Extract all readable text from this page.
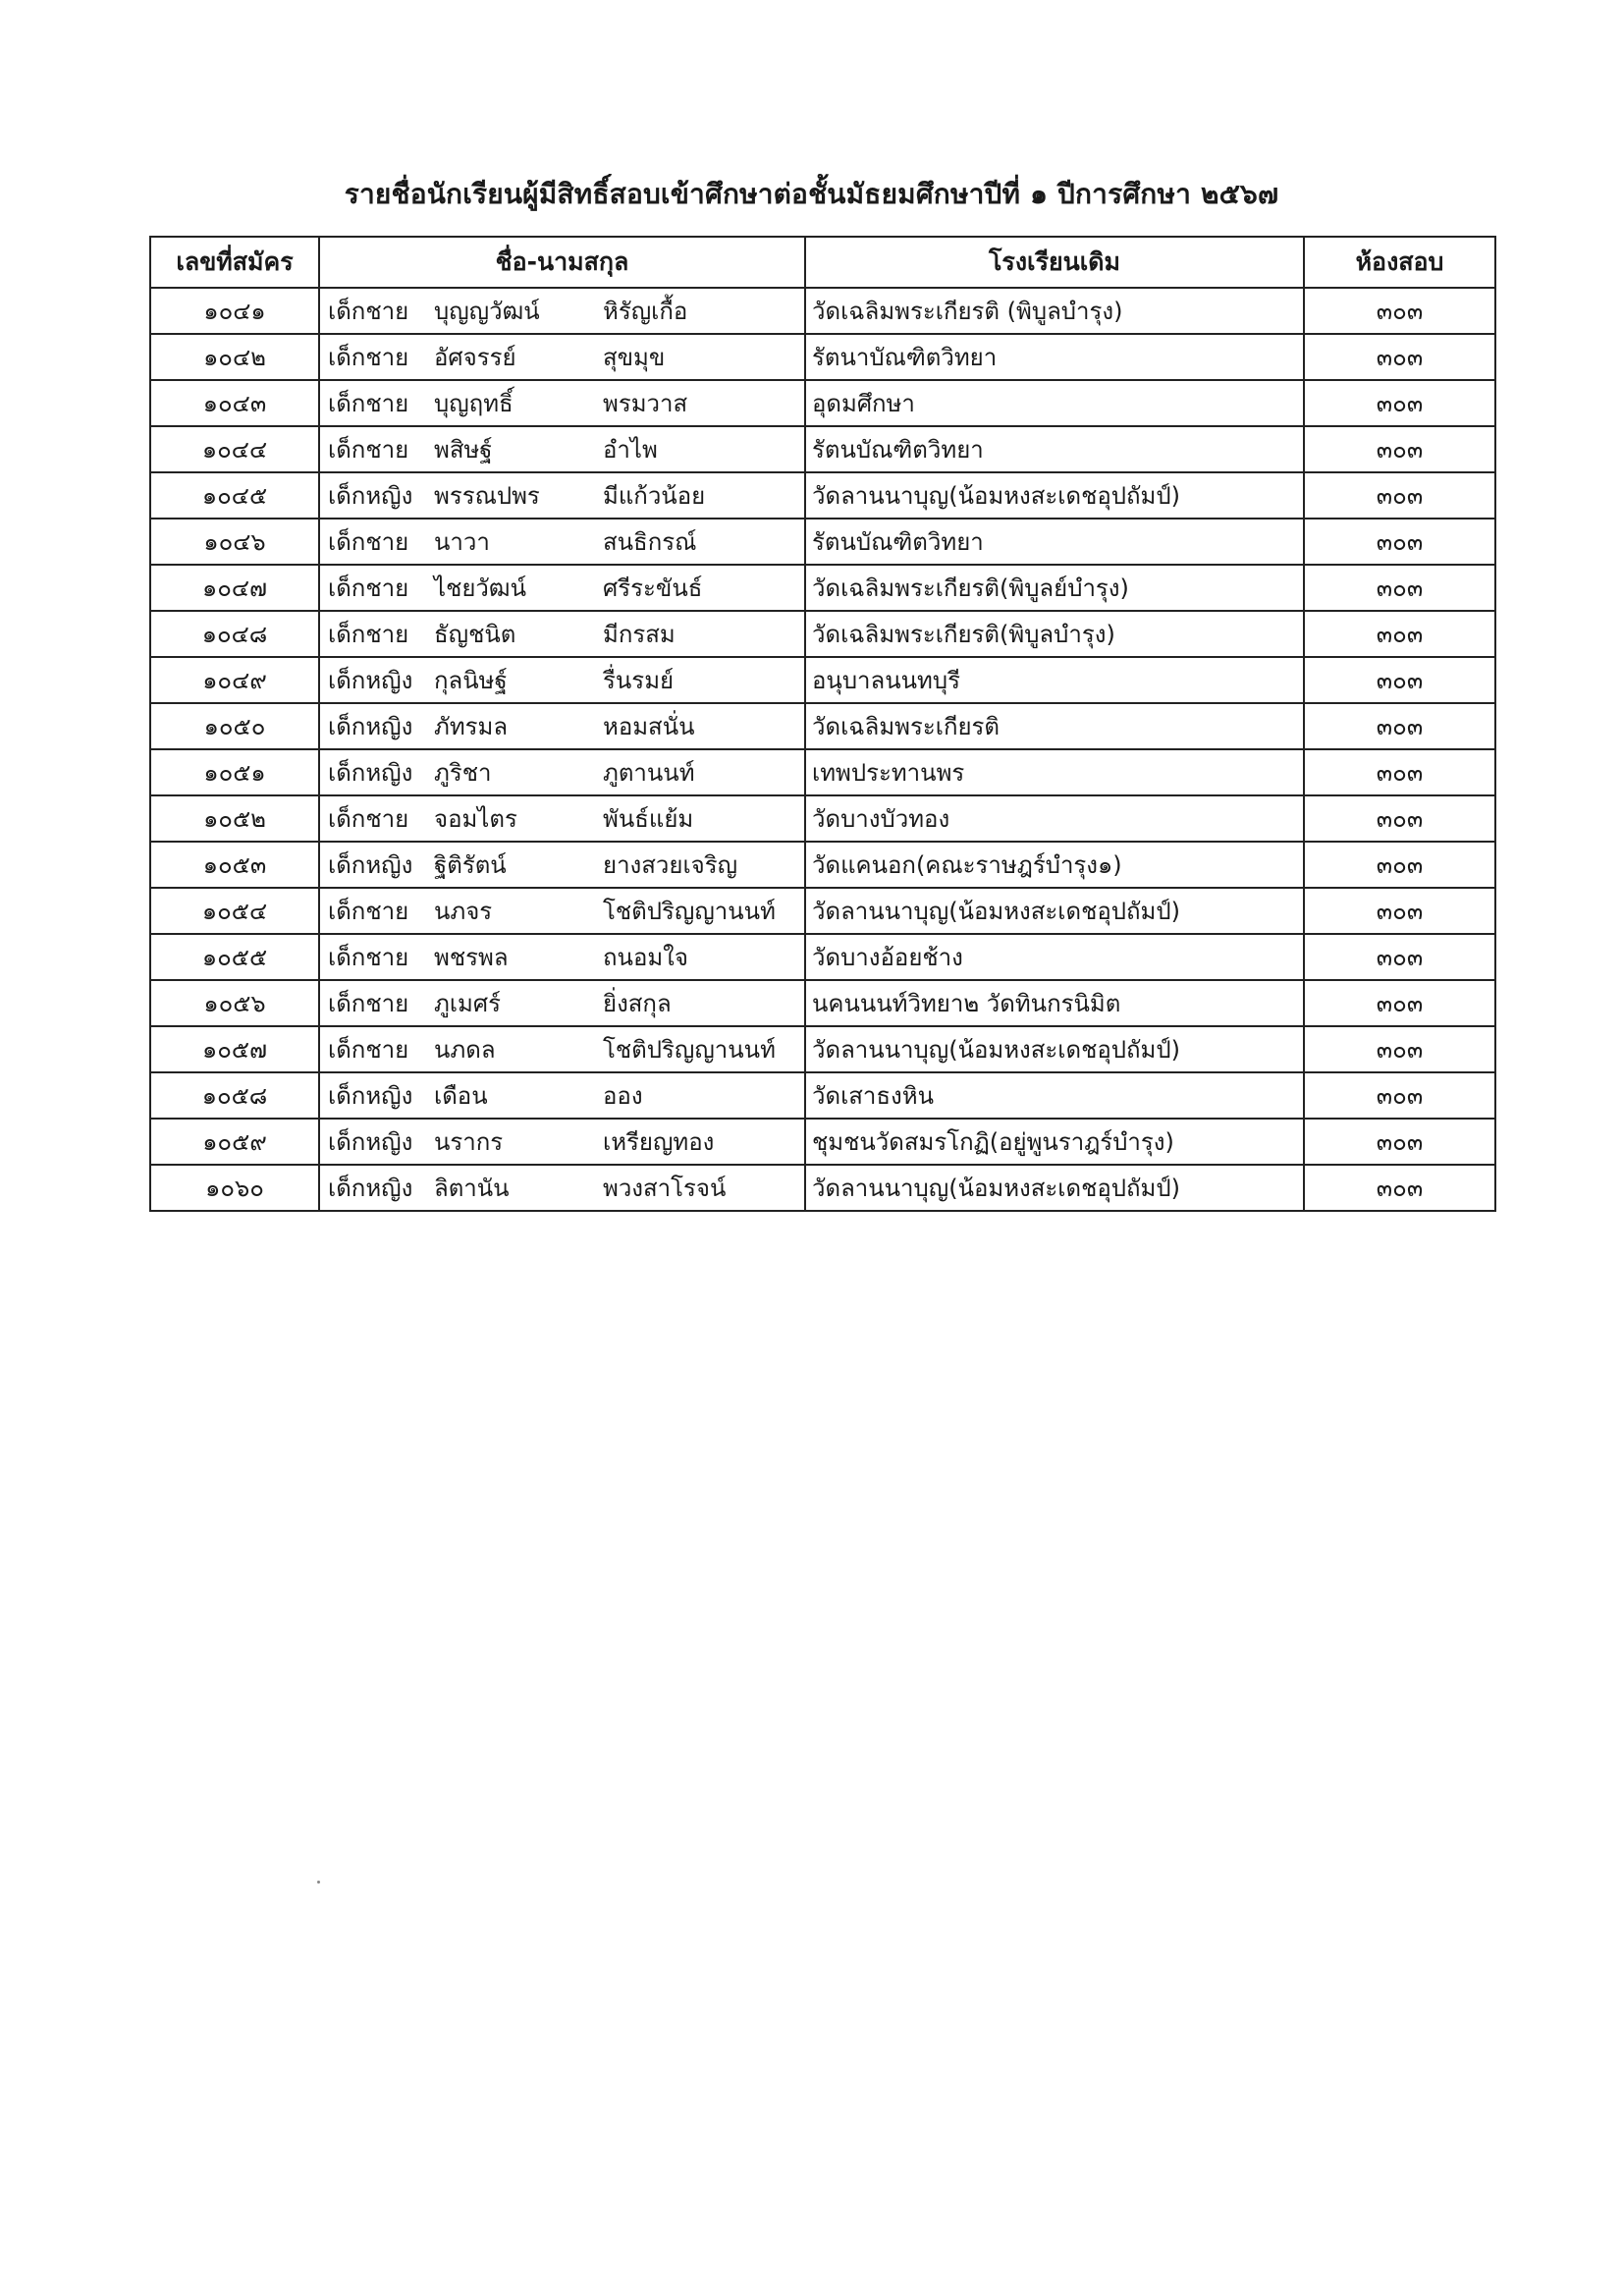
รายชื่อนักเรียนผู้มีสิทธิ์สอบเข้าศึกษาต่อชั้นมัธยมศึกษาปีที่ ๑ ปีการศึกษา ๒๕๖๗
เลขที่สมัคร	ชื่อ-นามสกุล	โรงเรียนเดิม	ห้องสอบ
๑๐๔๑	เด็กชาย บุญญวัฒน์ หิรัญเกื้อ	วัดเฉลิมพระเกียรติ (พิบูลบำรุง)	๓๐๓
๑๐๔๒	เด็กชาย อัศจรรย์ สุขมุข	รัตนาบัณฑิตวิทยา	๓๐๓
๑๐๔๓	เด็กชาย บุญฤทธิ์ พรมวาส	อุดมศึกษา	๓๐๓
๑๐๔๔	เด็กชาย พสิษฐ์ อำไพ	รัตนบัณฑิตวิทยา	๓๐๓
๑๐๔๕	เด็กหญิง พรรณปพร มีแก้วน้อย	วัดลานนาบุญ(น้อมหงสะเดชอุปถัมป์)	๓๐๓
๑๐๔๖	เด็กชาย นาวา สนธิกรณ์	รัตนบัณฑิตวิทยา	๓๐๓
๑๐๔๗	เด็กชาย ไชยวัฒน์ ศรีระขันธ์	วัดเฉลิมพระเกียรติ(พิบูลย์บำรุง)	๓๐๓
๑๐๔๘	เด็กชาย ธัญชนิต มีกรสม	วัดเฉลิมพระเกียรติ(พิบูลบำรุง)	๓๐๓
๑๐๔๙	เด็กหญิง กุลนิษฐ์ รื่นรมย์	อนุบาลนนทบุรี	๓๐๓
๑๐๕๐	เด็กหญิง ภัทรมล หอมสนั่น	วัดเฉลิมพระเกียรติ	๓๐๓
๑๐๕๑	เด็กหญิง ภูริชา ภูตานนท์	เทพประทานพร	๓๐๓
๑๐๕๒	เด็กชาย จอมไตร พันธ์แย้ม	วัดบางบัวทอง	๓๐๓
๑๐๕๓	เด็กหญิง ฐิติรัตน์ ยางสวยเจริญ	วัดแคนอก(คณะราษฎร์บำรุง๑)	๓๐๓
๑๐๕๔	เด็กชาย นภจร โชติปริญญานนท์	วัดลานนาบุญ(น้อมหงสะเดชอุปถัมป์)	๓๐๓
๑๐๕๕	เด็กชาย พชรพล ถนอมใจ	วัดบางอ้อยช้าง	๓๐๓
๑๐๕๖	เด็กชาย ภูเมศร์ ยิ่งสกุล	นคนนนท์วิทยา๒ วัดทินกรนิมิต	๓๐๓
๑๐๕๗	เด็กชาย นภดล โชติปริญญานนท์	วัดลานนาบุญ(น้อมหงสะเดชอุปถัมป์)	๓๐๓
๑๐๕๘	เด็กหญิง เดือน ออง	วัดเสาธงหิน	๓๐๓
๑๐๕๙	เด็กหญิง นรากร เหรียญทอง	ชุมชนวัดสมรโกฏิ(อยู่พูนราฎร์บำรุง)	๓๐๓
๑๐๖๐	เด็กหญิง ลิตานัน พวงสาโรจน์	วัดลานนาบุญ(น้อมหงสะเดชอุปถัมป์)	๓๐๓
